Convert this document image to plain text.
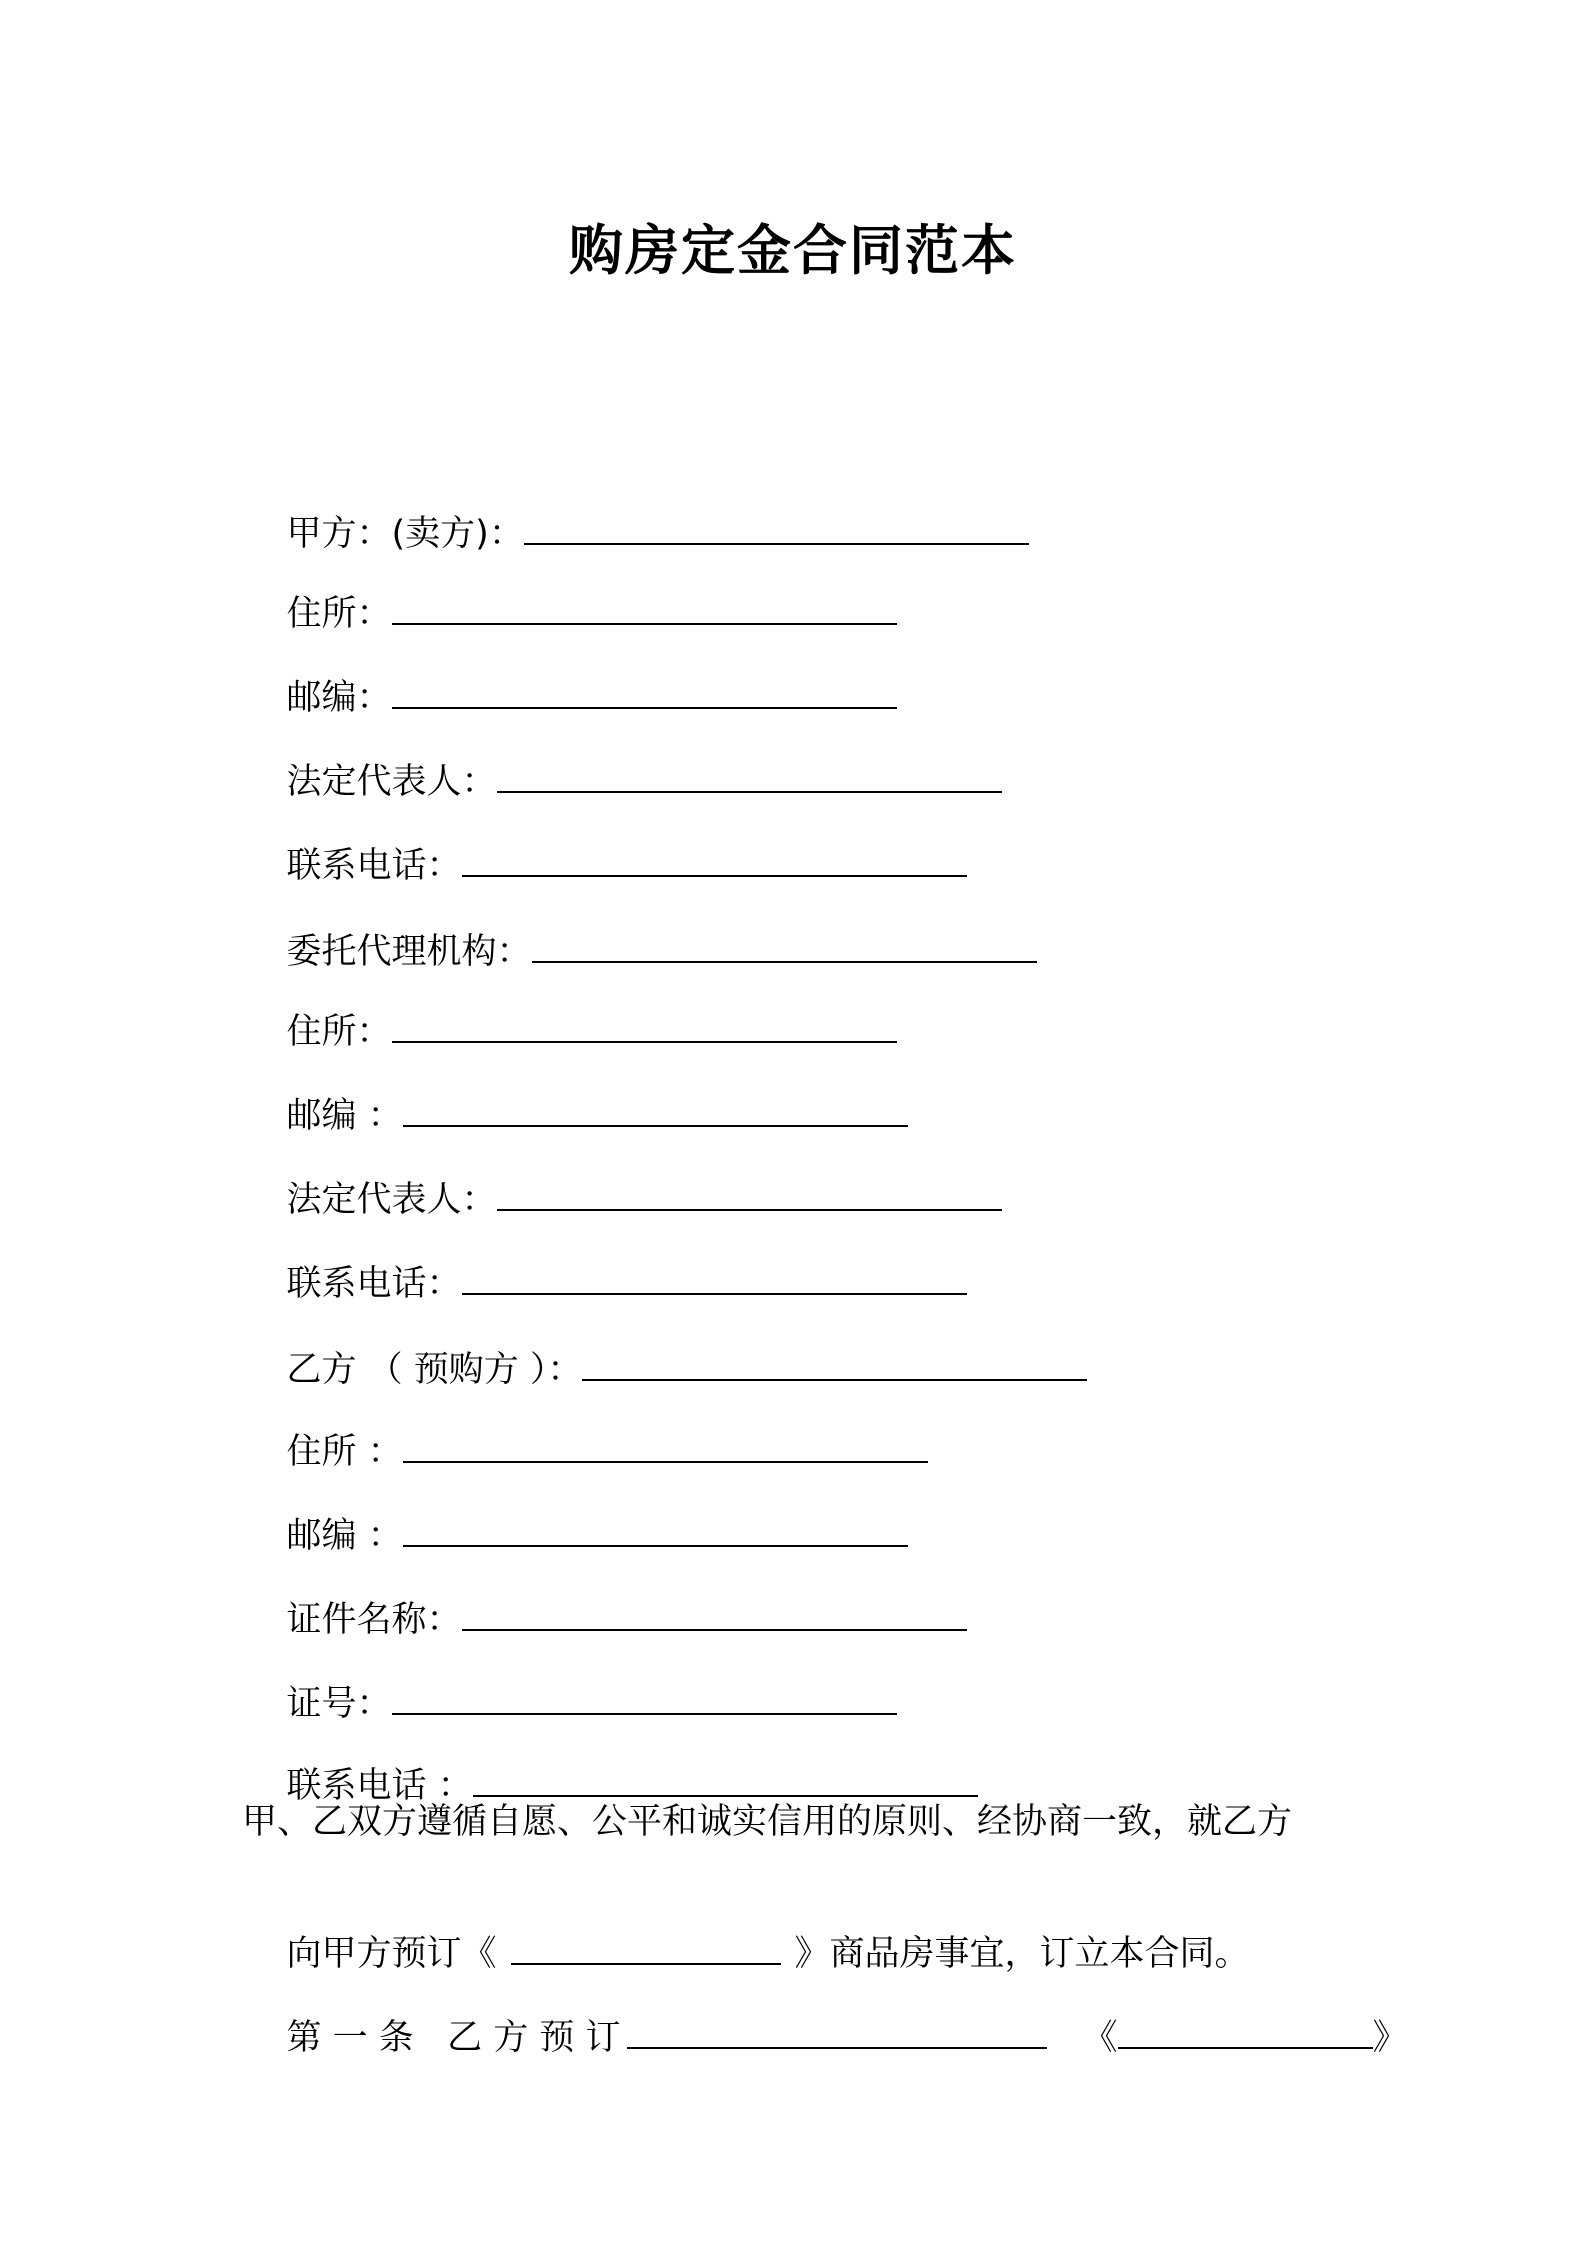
购房定金合同范本

甲方：(卖方)：

住所：

邮编：

法定代表人：

联系电话：

委托代理机构：

住所：

邮编 ：

法定代表人：

联系电话：

乙方 （ 预购方 ）：

住所 ：

邮编 ：

证件名称：

证号：

联系电话 ：

甲、乙双方遵循自愿、公平和诚实信用的原则、经协商一致，就乙方

向甲方预订《	》商品房事宜，订立本合同。

第 一 条   乙 方 预 订	《	》
